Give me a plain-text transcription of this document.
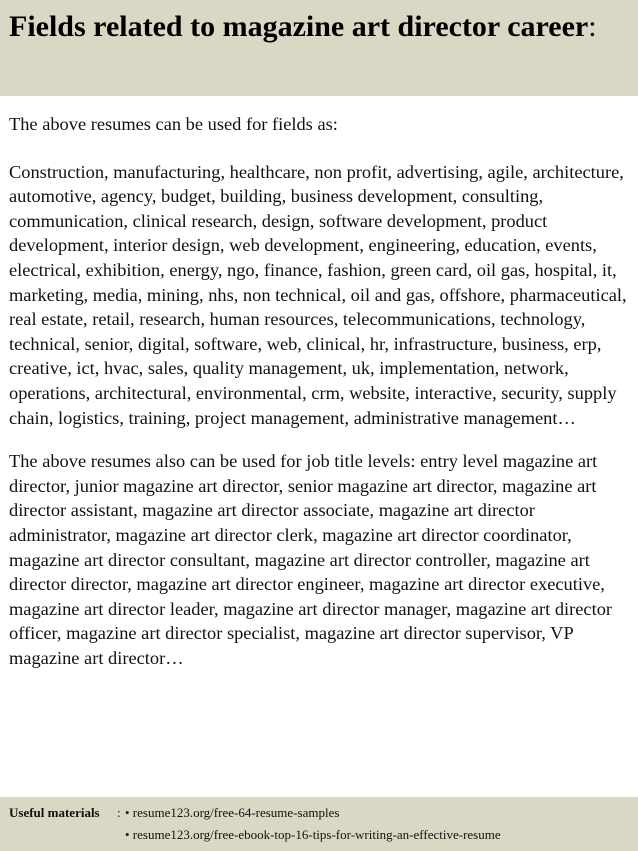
Fields related to magazine art director career:

The above resumes can be used for fields as:

Construction, manufacturing, healthcare, non profit, advertising, agile, architecture, automotive, agency, budget, building, business development, consulting, communication, clinical research, design, software development, product development, interior design, web development, engineering, education, events, electrical, exhibition, energy, ngo, finance, fashion, green card, oil gas, hospital, it, marketing, media, mining, nhs, non technical, oil and gas, offshore, pharmaceutical, real estate, retail, research, human resources, telecommunications, technology, technical, senior, digital, software, web, clinical, hr, infrastructure, business, erp, creative, ict, hvac, sales, quality management, uk, implementation, network, operations, architectural, environmental, crm, website, interactive, security, supply chain, logistics, training, project management, administrative management…

The above resumes also can be used for job title levels: entry level magazine art director, junior magazine art director, senior magazine art director, magazine art director assistant, magazine art director associate, magazine art director administrator, magazine art director clerk, magazine art director coordinator, magazine art director consultant, magazine art director controller, magazine art director director, magazine art director engineer, magazine art director executive, magazine art director leader, magazine art director manager, magazine art director officer, magazine art director specialist, magazine art director supervisor, VP magazine art director…

Useful materials : • resume123.org/free-64-resume-samples
• resume123.org/free-ebook-top-16-tips-for-writing-an-effective-resume
